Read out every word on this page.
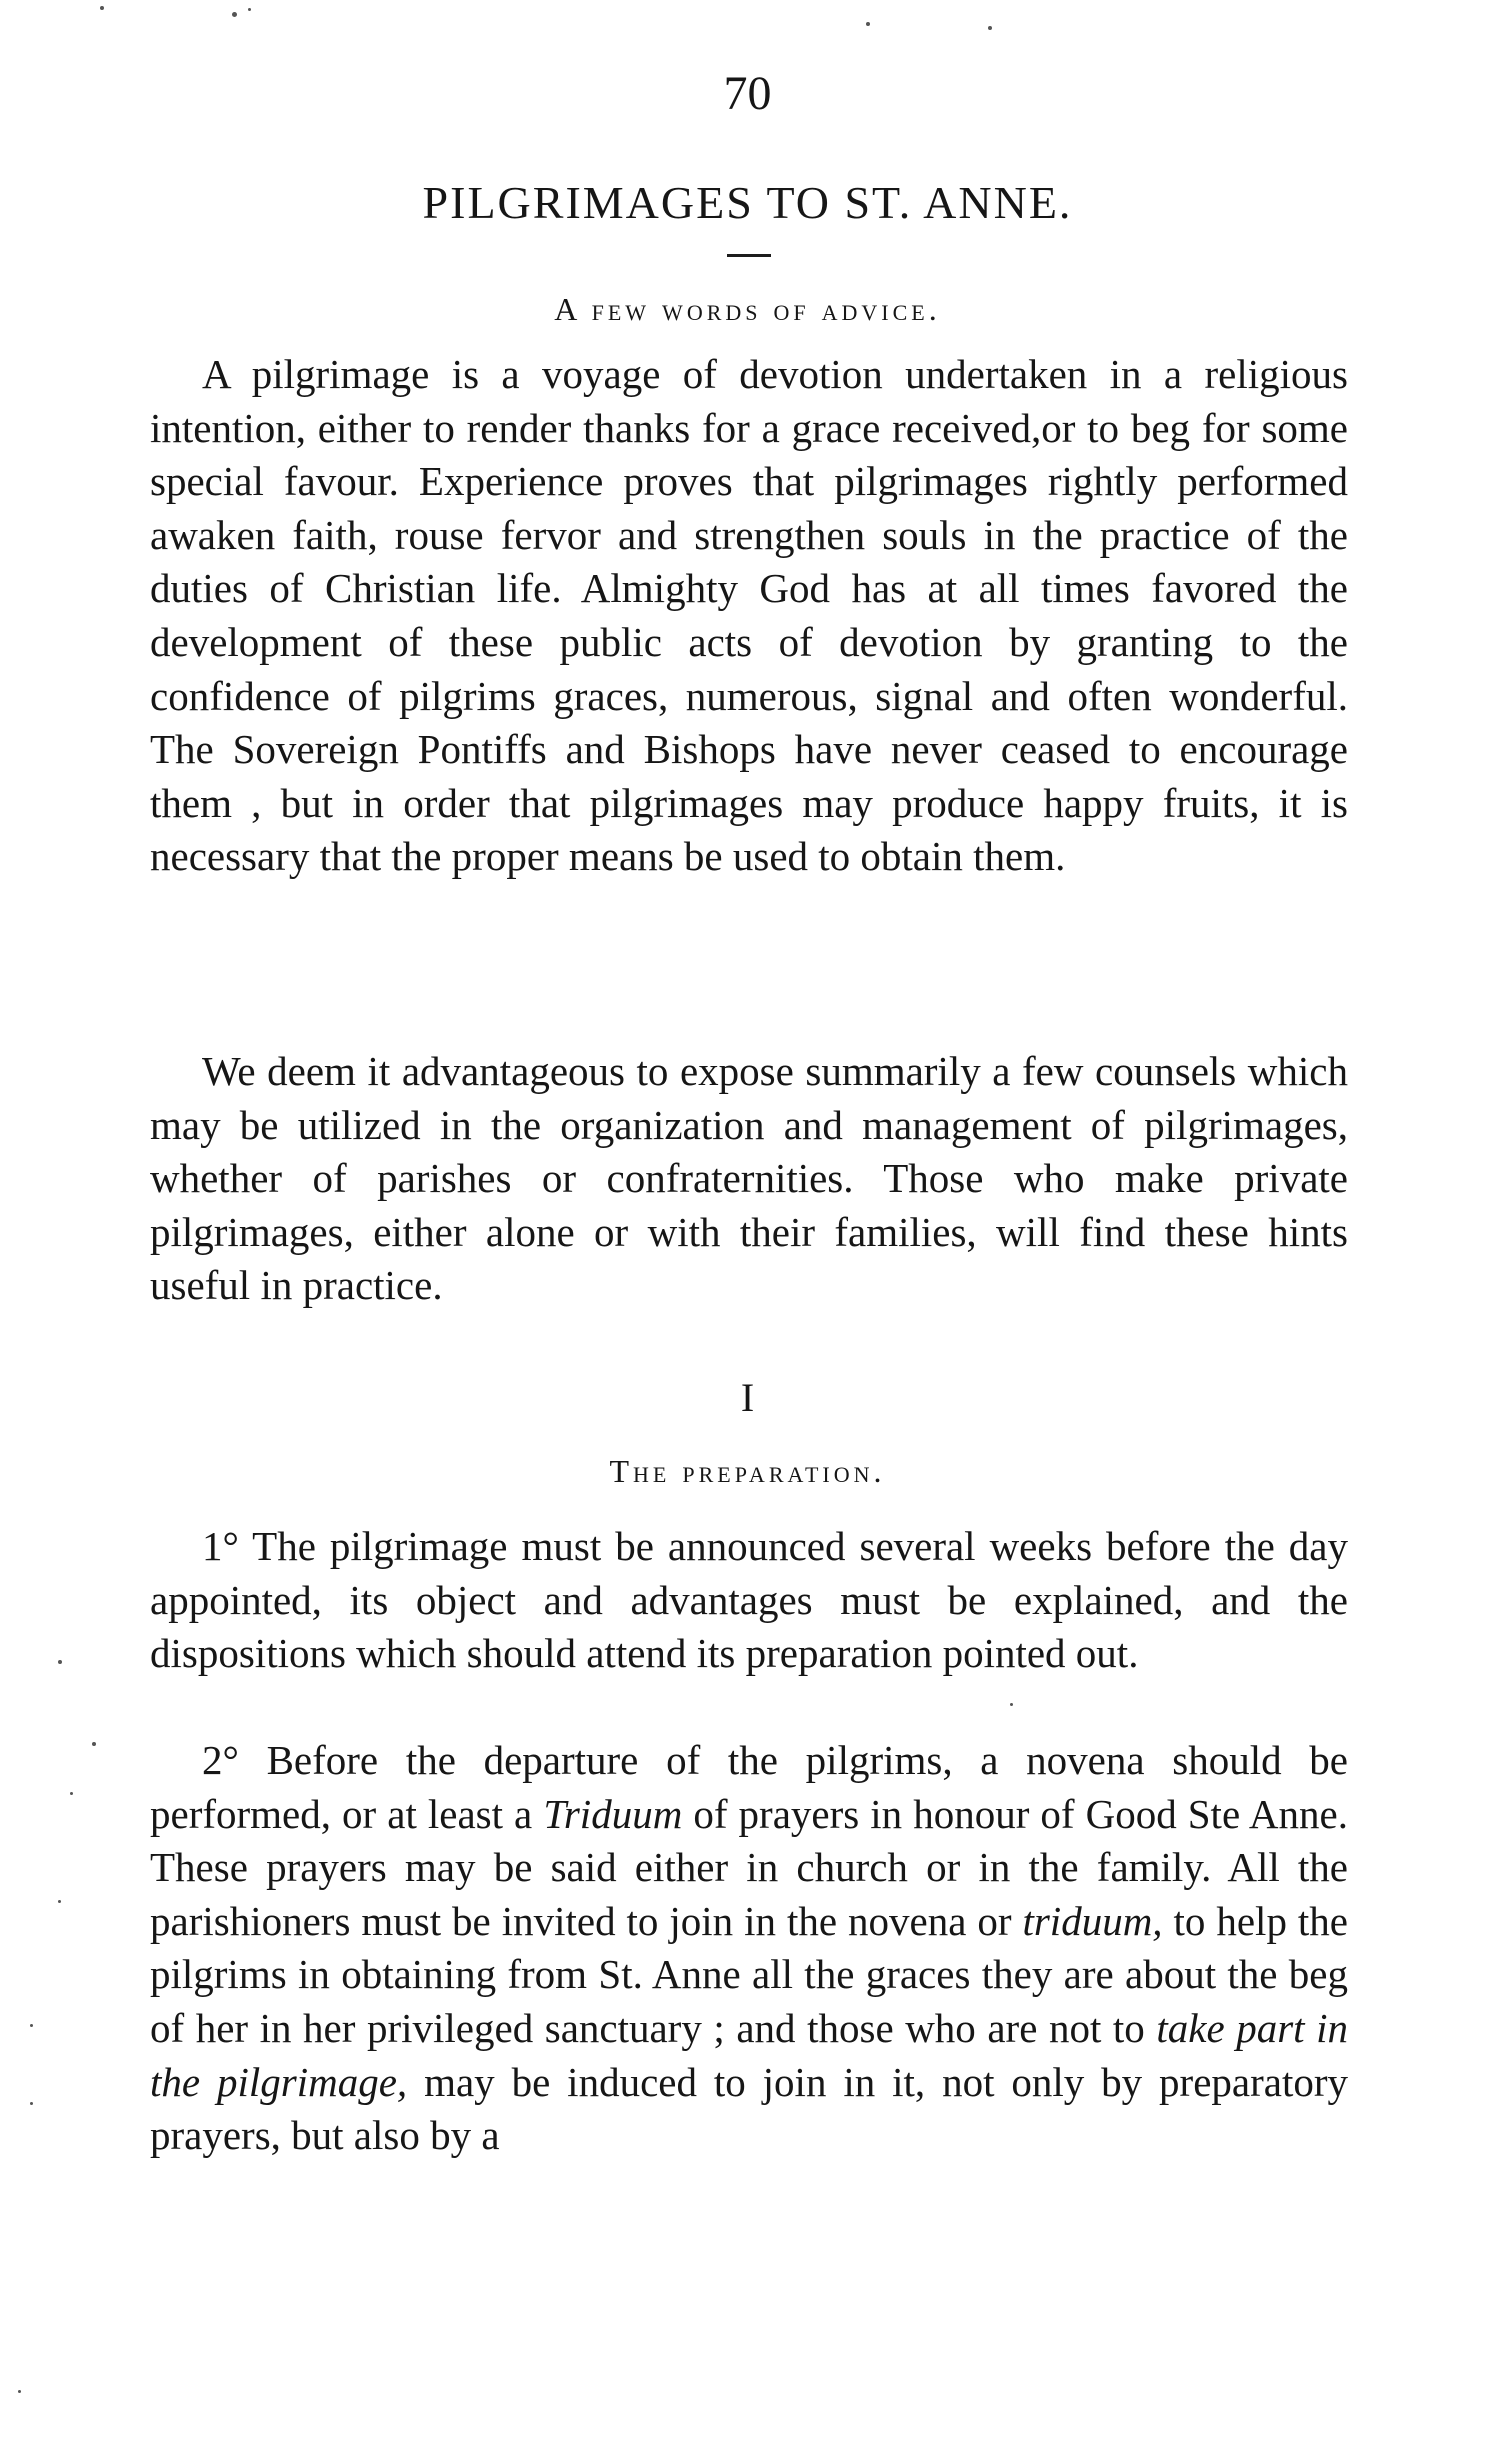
70
PILGRIMAGES TO ST. ANNE.
A few words of advice.

A pilgrimage is a voyage of devotion undertaken in a religious intention, either to render thanks for a grace received,or to beg for some special favour. Experience proves that pilgrimages rightly performed awaken faith, rouse fervor and strengthen souls in the practice of the duties of Christian life. Almighty God has at all times favored the development of these public acts of devotion by granting to the confidence of pilgrims graces, numerous, signal and often wonderful. The Sovereign Pontiffs and Bishops have never ceased to encourage them , but in order that pilgrimages may produce happy fruits, it is necessary that the proper means be used to obtain them.

We deem it advantageous to expose summarily a few counsels which may be utilized in the organization and management of pilgrimages, whether of parishes or confraternities. Those who make private pilgrimages, either alone or with their families, will find these hints useful in practice.

I
The preparation.

1° The pilgrimage must be announced several weeks before the day appointed, its object and advantages must be explained, and the dispositions which should attend its preparation pointed out.

2° Before the departure of the pilgrims, a novena should be performed, or at least a Triduum of prayers in honour of Good Ste Anne. These prayers may be said either in church or in the family. All the parishioners must be invited to join in the novena or triduum, to help the pilgrims in obtaining from St. Anne all the graces they are about the beg of her in her privileged sanctuary ; and those who are not to take part in the pilgrimage, may be induced to join in it, not only by preparatory prayers, but also by a
